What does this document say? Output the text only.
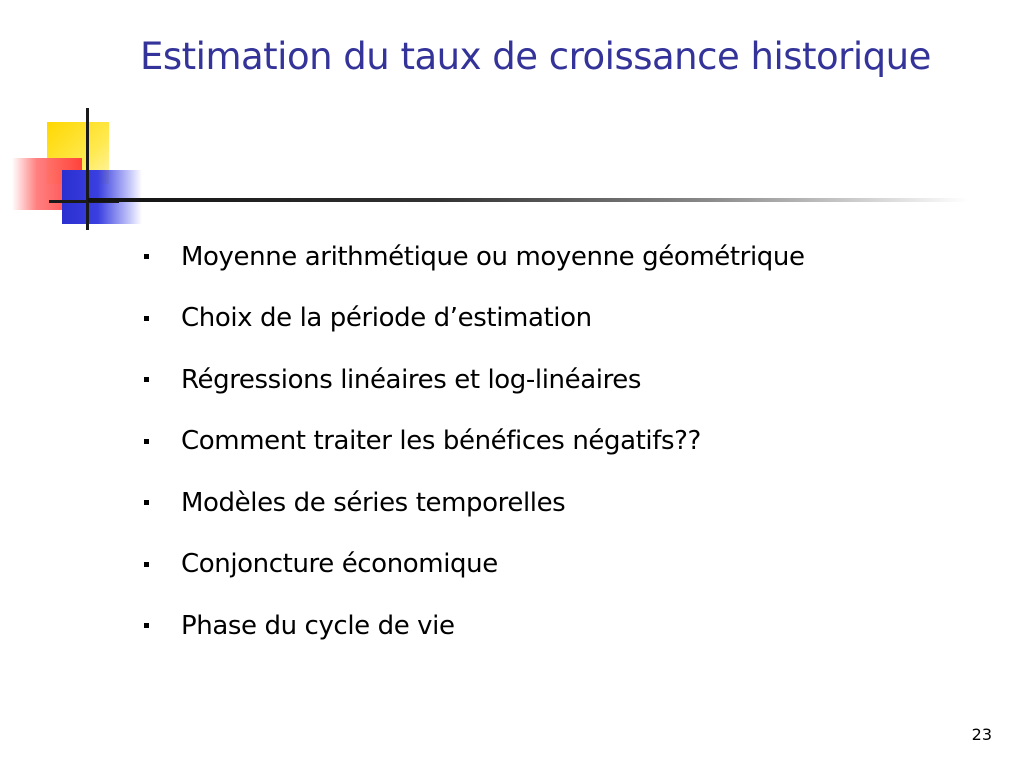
Estimation du taux de croissance historique
Moyenne arithmétique ou moyenne géométrique
Choix de la période d’estimation
Régressions linéaires et log-linéaires
Comment traiter les bénéfices négatifs??
Modèles de séries temporelles
Conjoncture économique
Phase du cycle de vie
23
